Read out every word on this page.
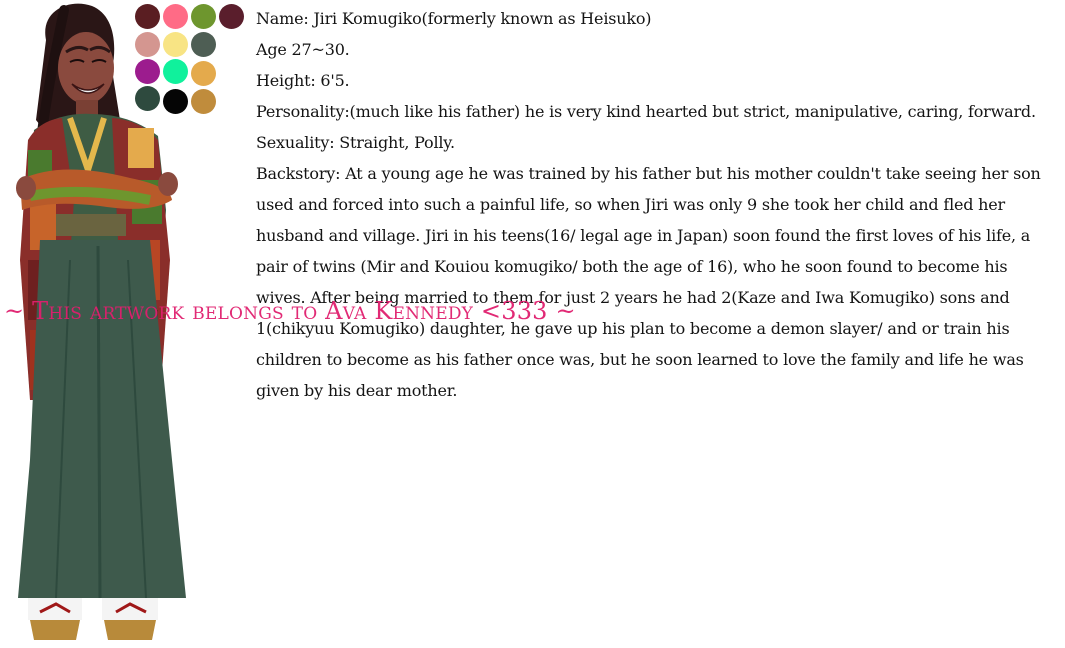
Name: Jiri Komugiko(formerly known as Heisuko)

Age 27~30.

Height: 6'5.

Personality:(much like his father) he is very kind hearted but strict, manipulative, caring, forward.

Sexuality: Straight, Polly.

Backstory: At a young age he was trained by his father but his mother couldn't take seeing her son used and forced into such a painful life, so when Jiri was only 9 she took her child and fled her husband and village. Jiri in his teens(16/ legal age in Japan) soon found the first loves of his life, a pair of twins (Mir and Kouiou komugiko/ both the age of 16), who he soon found to become his wives. After being married to them for just 2 years he had 2(Kaze and Iwa Komugiko) sons and 1(chikyuu Komugiko) daughter, he gave up his plan to become a demon slayer/ and or train his children to become as his father once was, but he soon learned to love the family and life he was given by his dear mother.

~ This artwork belongs to Ava Kennedy <333 ~
